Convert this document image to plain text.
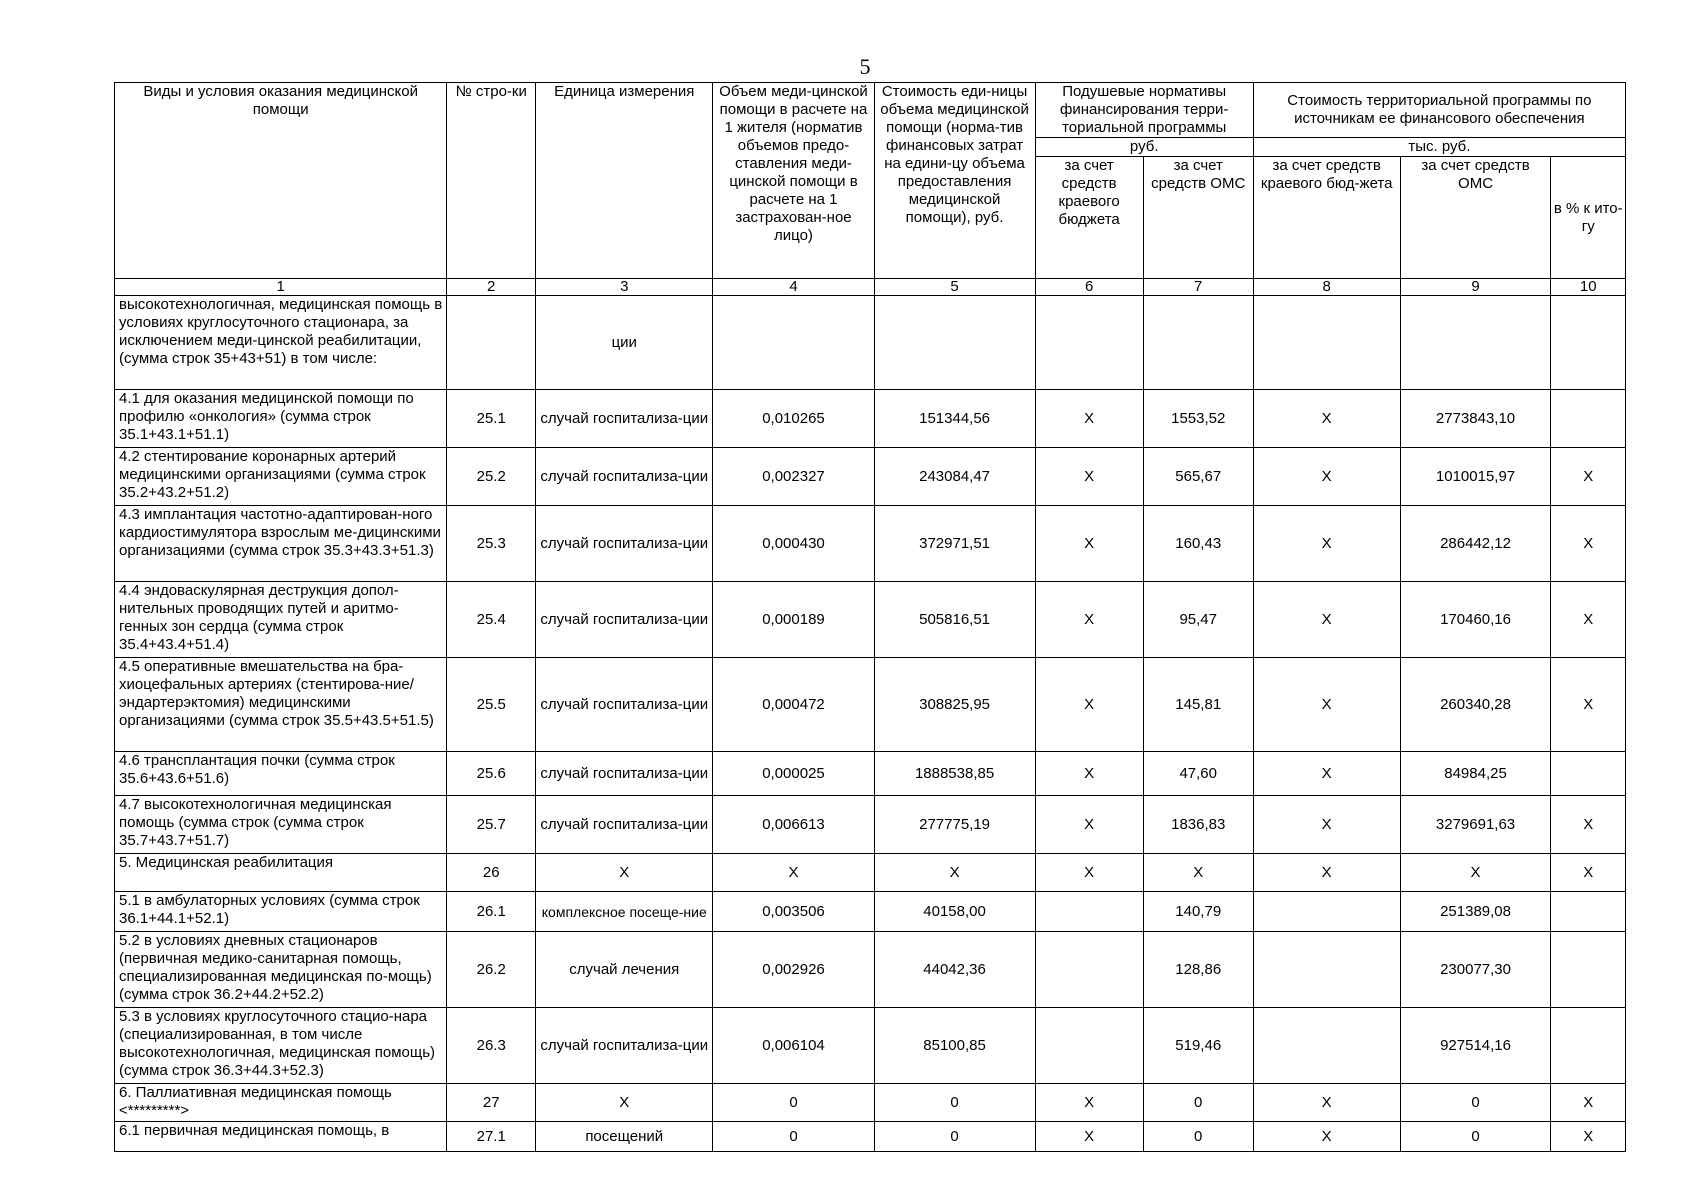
5
Виды и условия оказания медицинской помощи	№ стро-ки	Единица измерения	Объем меди-цинской помощи в расчете на 1 жителя (норматив объемов предо-ставления меди-цинской помощи в расчете на 1 застрахован-ное лицо)	Стоимость еди-ницы объема медицинской помощи (норма-тив финансовых затрат на едини-цу объема предоставления медицинской помощи), руб.	Подушевые нормативы финансирования терри-ториальной программы		Стоимость территориальной программы по источникам ее финансового обеспечения		
					руб.		тыс. руб.		
					за счет средств краевого бюджета	за счет средств ОМС	за счет средств краевого бюд-жета	за счет средств ОМС	в % к ито-гу
1	2	3	4	5	6	7	8	9	10
высокотехнологичная, медицинская помощь в условиях круглосуточного стационара, за исключением меди-цинской реабилитации, (сумма строк 35+43+51) в том числе:		ции							
4.1 для оказания медицинской помощи по профилю «онкология» (сумма строк 35.1+43.1+51.1)	25.1	случай госпитализа-ции	0,010265	151344,56	X	1553,52	X	2773843,10	
4.2 стентирование коронарных артерий медицинскими организациями (сумма строк 35.2+43.2+51.2)	25.2	случай госпитализа-ции	0,002327	243084,47	X	565,67	X	1010015,97	X
4.3 имплантация частотно-адаптирован-ного кардиостимулятора взрослым ме-дицинскими организациями (сумма строк 35.3+43.3+51.3)	25.3	случай госпитализа-ции	0,000430	372971,51	X	160,43	X	286442,12	X
4.4 эндоваскулярная деструкция допол-нительных проводящих путей и аритмо-генных зон сердца (сумма строк 35.4+43.4+51.4)	25.4	случай госпитализа-ции	0,000189	505816,51	X	95,47	X	170460,16	X
4.5 оперативные вмешательства на бра-хиоцефальных артериях (стентирова-ние/эндартерэктомия) медицинскими организациями (сумма строк 35.5+43.5+51.5)	25.5	случай госпитализа-ции	0,000472	308825,95	X	145,81	X	260340,28	X
4.6 трансплантация почки (сумма строк 35.6+43.6+51.6)	25.6	случай госпитализа-ции	0,000025	1888538,85	X	47,60	X	84984,25	
4.7 высокотехнологичная медицинская помощь (сумма строк (сумма строк 35.7+43.7+51.7)	25.7	случай госпитализа-ции	0,006613	277775,19	X	1836,83	X	3279691,63	X
5. Медицинская реабилитация	26	X	X	X	X	X	X	X	X
5.1 в амбулаторных условиях (сумма строк 36.1+44.1+52.1)	26.1	комплексное посеще-ние	0,003506	40158,00		140,79		251389,08	
5.2 в условиях дневных стационаров (первичная медико-санитарная помощь, специализированная медицинская по-мощь) (сумма строк 36.2+44.2+52.2)	26.2	случай лечения	0,002926	44042,36		128,86		230077,30	
5.3 в условиях круглосуточного стацио-нара (специализированная, в том числе высокотехнологичная, медицинская помощь) (сумма строк 36.3+44.3+52.3)	26.3	случай госпитализа-ции	0,006104	85100,85		519,46		927514,16	
6. Паллиативная медицинская помощь <*********>	27	X	0	0	X	0	X	0	X
6.1 первичная медицинская помощь, в	27.1	посещений	0	0	X	0	X	0	X
